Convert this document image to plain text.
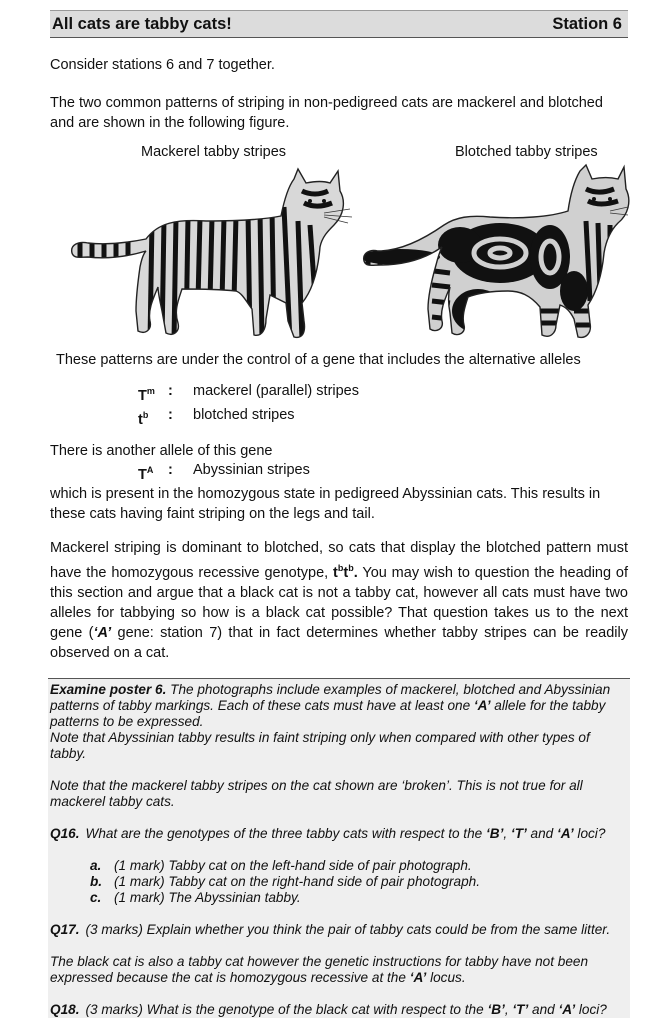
All cats are tabby cats!	Station 6

Consider stations 6 and 7 together.

The two common patterns of striping in non-pedigreed cats are mackerel and blotched and are shown in the following figure.

Mackerel tabby stripes	Blotched tabby stripes

These patterns are under the control of a gene that includes the alternative alleles

$T^m$ :	mackerel (parallel) stripes
$t^b$	:	blotched stripes

There is another allele of this gene

$T^A$	:	Abyssinian stripes

which is present in the homozygous state in pedigreed Abyssinian cats. This results in these cats having faint striping on the legs and tail.

Mackerel striping is dominant to blotched, so cats that display the blotched pattern must have the homozygous recessive genotype, $t^bt^b$. You may wish to question the heading of this section and argue that a black cat is not a tabby cat, however all cats must have two alleles for tabbying so how is a black cat possible? That question takes us to the next gene (‘A’ gene: station 7) that in fact determines whether tabby stripes can be readily observed on a cat.

Examine poster 6. The photographs include examples of mackerel, blotched and Abyssinian patterns of tabby markings. Each of these cats must have at least one ‘A’ allele for the tabby patterns to be expressed.

Note that Abyssinian tabby results in faint striping only when compared with other types of tabby.

Note that the mackerel tabby stripes on the cat shown are ‘broken’. This is not true for all mackerel tabby cats.

Q16. What are the genotypes of the three tabby cats with respect to the ‘B’, ‘T’ and ‘A’ loci?

a. (1 mark) Tabby cat on the left-hand side of pair photograph.
b. (1 mark) Tabby cat on the right-hand side of pair photograph.
c. (1 mark) The Abyssinian tabby.

Q17. (3 marks) Explain whether you think the pair of tabby cats could be from the same litter.

The black cat is also a tabby cat however the genetic instructions for tabby have not been expressed because the cat is homozygous recessive at the ‘A’ locus.

Q18. (3 marks) What is the genotype of the black cat with respect to the ‘B’, ‘T’ and ‘A’ loci?
